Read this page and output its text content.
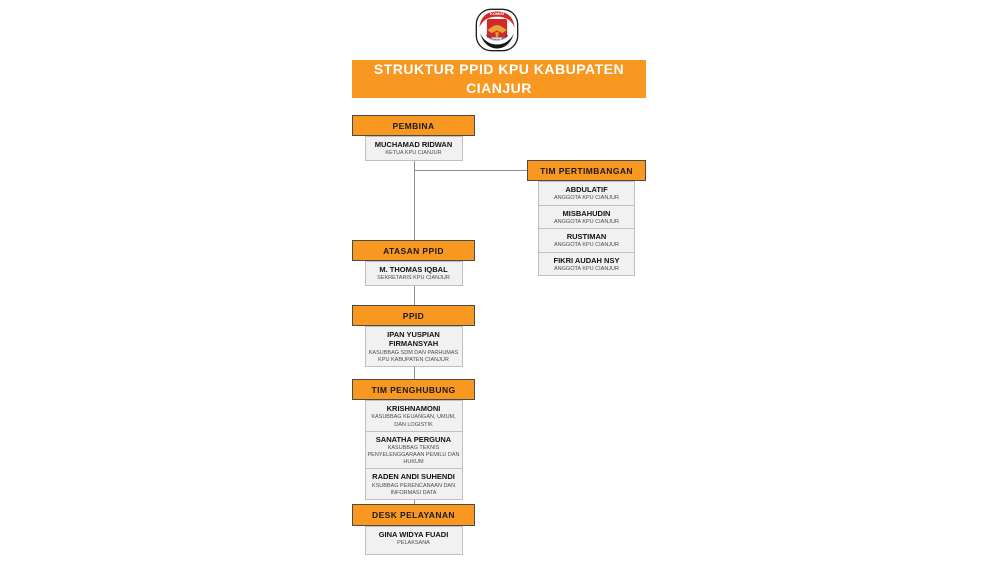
KOMISI
PEMILIHAN UMUM
STRUKTUR PPID KPU KABUPATEN CIANJUR
PEMBINA
MUCHAMAD RIDWAN
KETUA KPU CIANJUR
TIM PERTIMBANGAN
ABDULATIF
ANGGOTA KPU CIANJUR
MISBAHUDIN
ANGGOTA KPU CIANJUR
RUSTIMAN
ANGGOTA KPU CIANJUR
FIKRI AUDAH NSY
ANGGOTA KPU CIANJUR
ATASAN PPID
M. THOMAS IQBAL
SEKRETARIS KPU CIANJUR
PPID
IPAN YUSPIAN FIRMANSYAH
KASUBBAG SDM DAN PARHUMAS KPU KABUPATEN CIANJUR
TIM PENGHUBUNG
KRISHNAMONI
KASUBBAG KEUANGAN, UMUM, DAN LOGISTIK
SANATHA PERGUNA
KASUBBAG TEKNIS PENYELENGGARAAN PEMILU DAN HUKUM
RADEN ANDI SUHENDI
KSUBBAG PERENCANAAN DAN INFORMASI DATA
DESK PELAYANAN
GINA WIDYA FUADI
PELAKSANA
